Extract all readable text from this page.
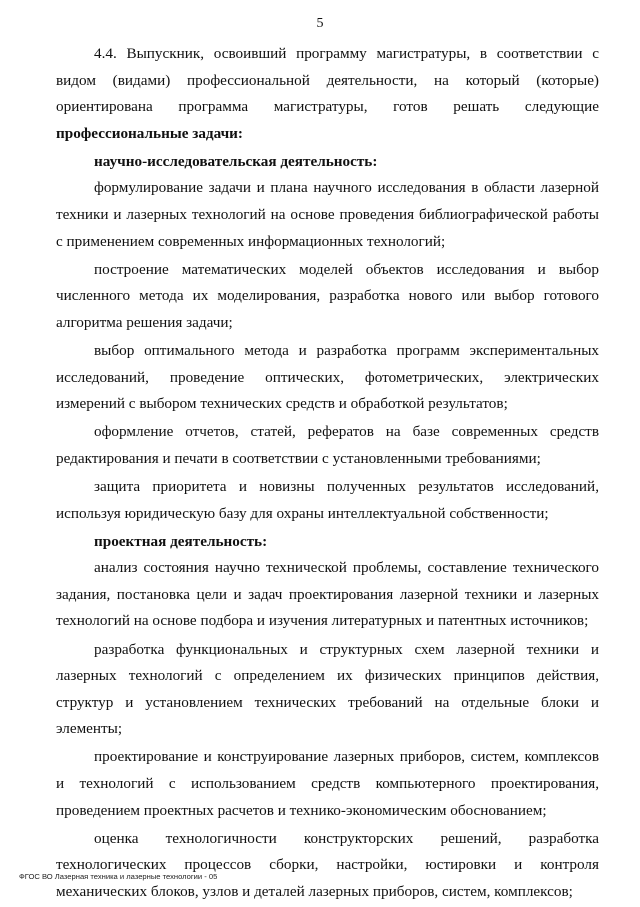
5

4.4. Выпускник, освоивший программу магистратуры, в соответствии с видом (видами) профессиональной деятельности, на который (которые) ориентирована программа магистратуры, готов решать следующие профессиональные задачи:

научно-исследовательская деятельность:

формулирование задачи и плана научного исследования в области лазерной техники и лазерных технологий на основе проведения библиографической работы с применением современных информационных технологий;

построение математических моделей объектов исследования и выбор численного метода их моделирования, разработка нового или выбор готового алгоритма решения задачи;

выбор оптимального метода и разработка программ экспериментальных исследований, проведение оптических, фотометрических, электрических измерений с выбором технических средств и обработкой результатов;

оформление отчетов, статей, рефератов на базе современных средств редактирования и печати в соответствии с установленными требованиями;

защита приоритета и новизны полученных результатов исследований, используя юридическую базу для охраны интеллектуальной собственности;

проектная деятельность:

анализ состояния научно технической проблемы, составление технического задания, постановка цели и задач проектирования лазерной техники и лазерных технологий на основе подбора и изучения литературных и патентных источников;

разработка функциональных и структурных схем лазерной техники и лазерных технологий с определением их физических принципов действия, структур и установлением технических требований на отдельные блоки и элементы;

проектирование и конструирование лазерных приборов, систем, комплексов и технологий с использованием средств компьютерного проектирования, проведением проектных расчетов и технико-экономическим обоснованием;

оценка технологичности конструкторских решений, разработка технологических процессов сборки, настройки, юстировки и контроля механических блоков, узлов и деталей лазерных приборов, систем, комплексов;

ФГОС ВО Лазерная техника и лазерные технологии - 05
